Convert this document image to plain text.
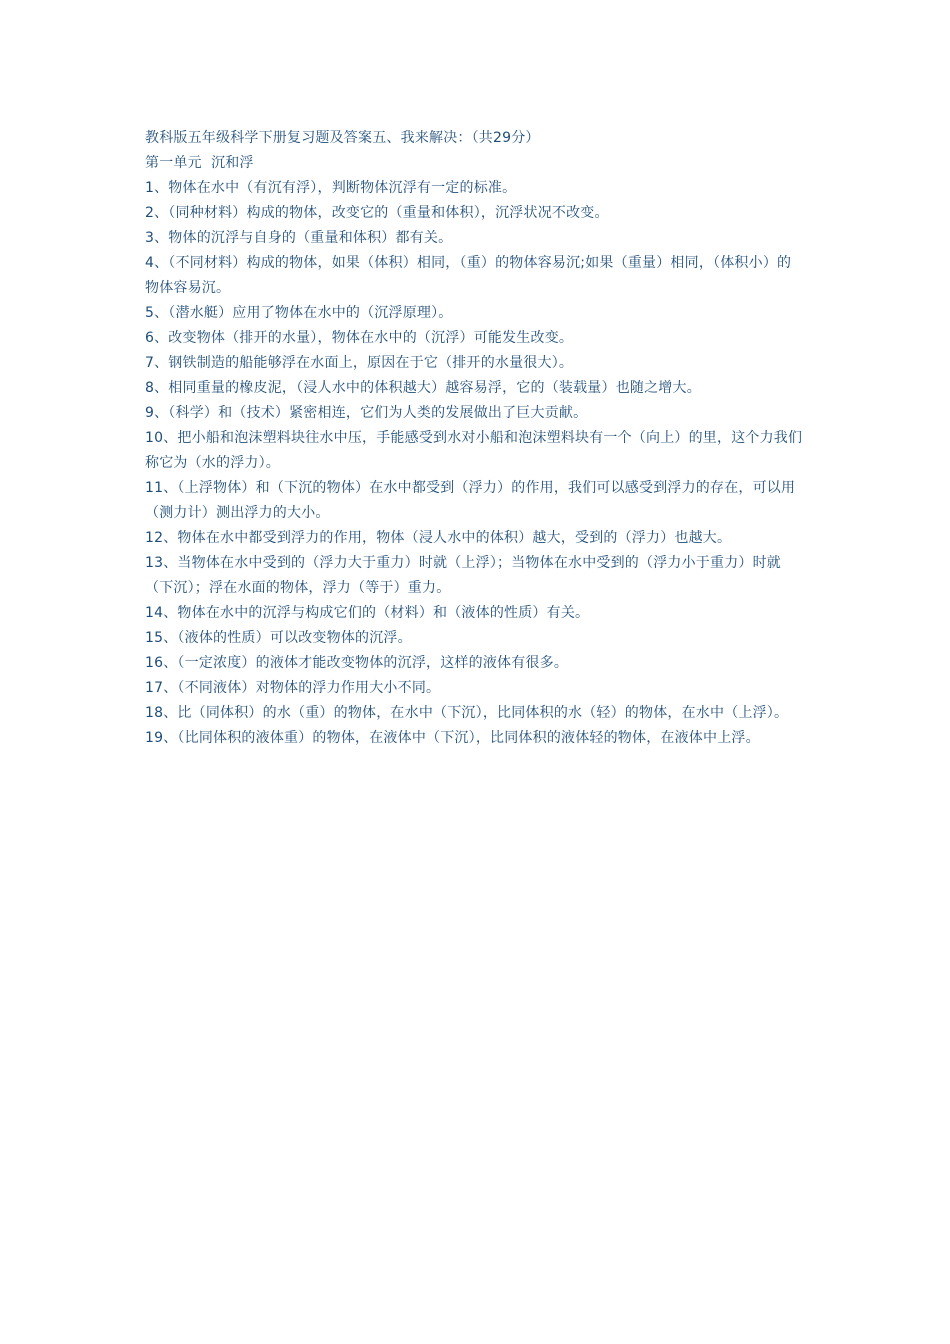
教科版五年级科学下册复习题及答案五、我来解决：（共29分）

第一单元  沉和浮

1、物体在水中（有沉有浮），判断物体沉浮有一定的标准。

2、（同种材料）构成的物体，改变它的（重量和体积），沉浮状况不改变。

3、物体的沉浮与自身的（重量和体积）都有关。

4、（不同材料）构成的物体，如果（体积）相同，（重）的物体容易沉;如果（重量）相同，（体积小）的物体容易沉。

5、（潜水艇）应用了物体在水中的（沉浮原理）。

6、改变物体（排开的水量），物体在水中的（沉浮）可能发生改变。

7、钢铁制造的船能够浮在水面上，原因在于它（排开的水量很大）。

8、相同重量的橡皮泥，（浸人水中的体积越大）越容易浮，它的（装载量）也随之增大。

9、（科学）和（技术）紧密相连，它们为人类的发展做出了巨大贡献。

10、把小船和泡沫塑料块往水中压，手能感受到水对小船和泡沫塑料块有一个（向上）的里，这个力我们称它为（水的浮力）。

11、（上浮物体）和（下沉的物体）在水中都受到（浮力）的作用，我们可以感受到浮力的存在，可以用（测力计）测出浮力的大小。

12、物体在水中都受到浮力的作用，物体（浸人水中的体积）越大，受到的（浮力）也越大。

13、当物体在水中受到的（浮力大于重力）时就（上浮）；当物体在水中受到的（浮力小于重力）时就（下沉）；浮在水面的物体，浮力（等于）重力。

14、物体在水中的沉浮与构成它们的（材料）和（液体的性质）有关。

15、（液体的性质）可以改变物体的沉浮。

16、（一定浓度）的液体才能改变物体的沉浮，这样的液体有很多。

17、（不同液体）对物体的浮力作用大小不同。

18、比（同体积）的水（重）的物体，在水中（下沉），比同体积的水（轻）的物体，在水中（上浮）。

19、（比同体积的液体重）的物体，在液体中（下沉），比同体积的液体轻的物体，在液体中上浮。
